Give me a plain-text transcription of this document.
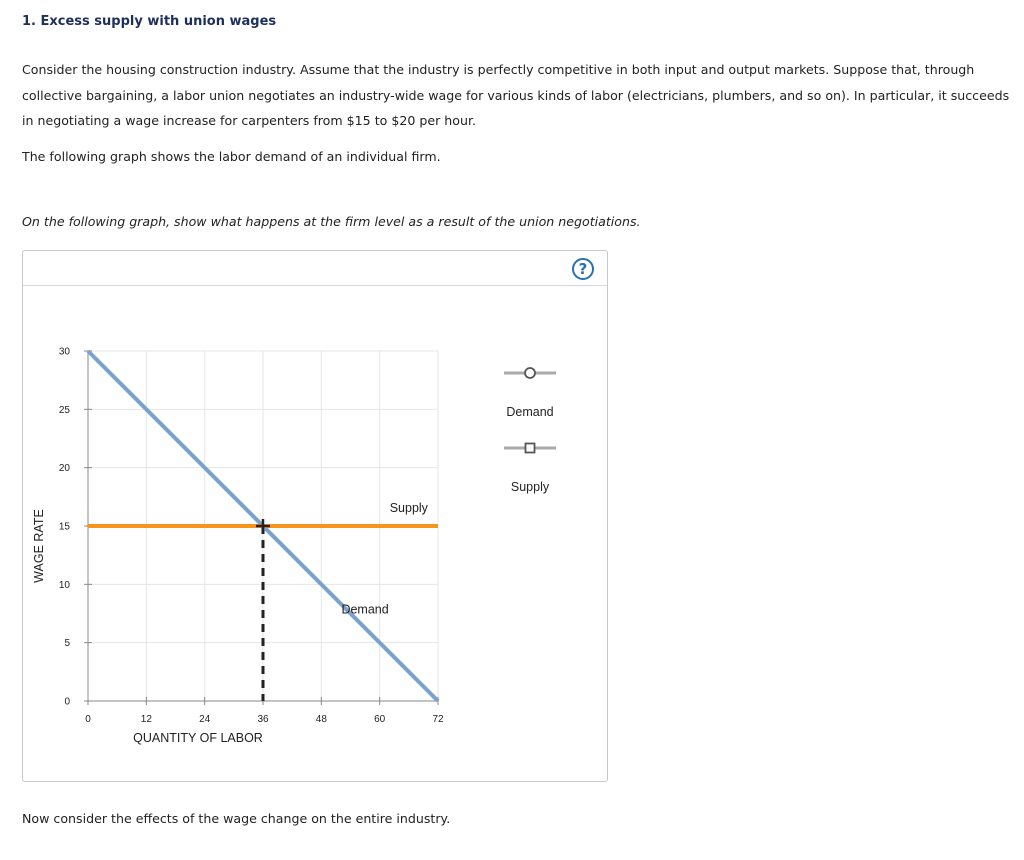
1. Excess supply with union wages
Consider the housing construction industry. Assume that the industry is perfectly competitive in both input and output markets. Suppose that, through collective bargaining, a labor union negotiates an industry-wide wage for various kinds of labor (electricians, plumbers, and so on). In particular, it succeeds in negotiating a wage increase for carpenters from $15 to $20 per hour.
The following graph shows the labor demand of an individual firm.
On the following graph, show what happens at the firm level as a result of the union negotiations.
?
0	12	24	36	48	60	72
0
5
10
15
20
25
30
QUANTITY OF LABOR
WAGE RATE
Demand
Supply
Demand
Supply
Now consider the effects of the wage change on the entire industry.
